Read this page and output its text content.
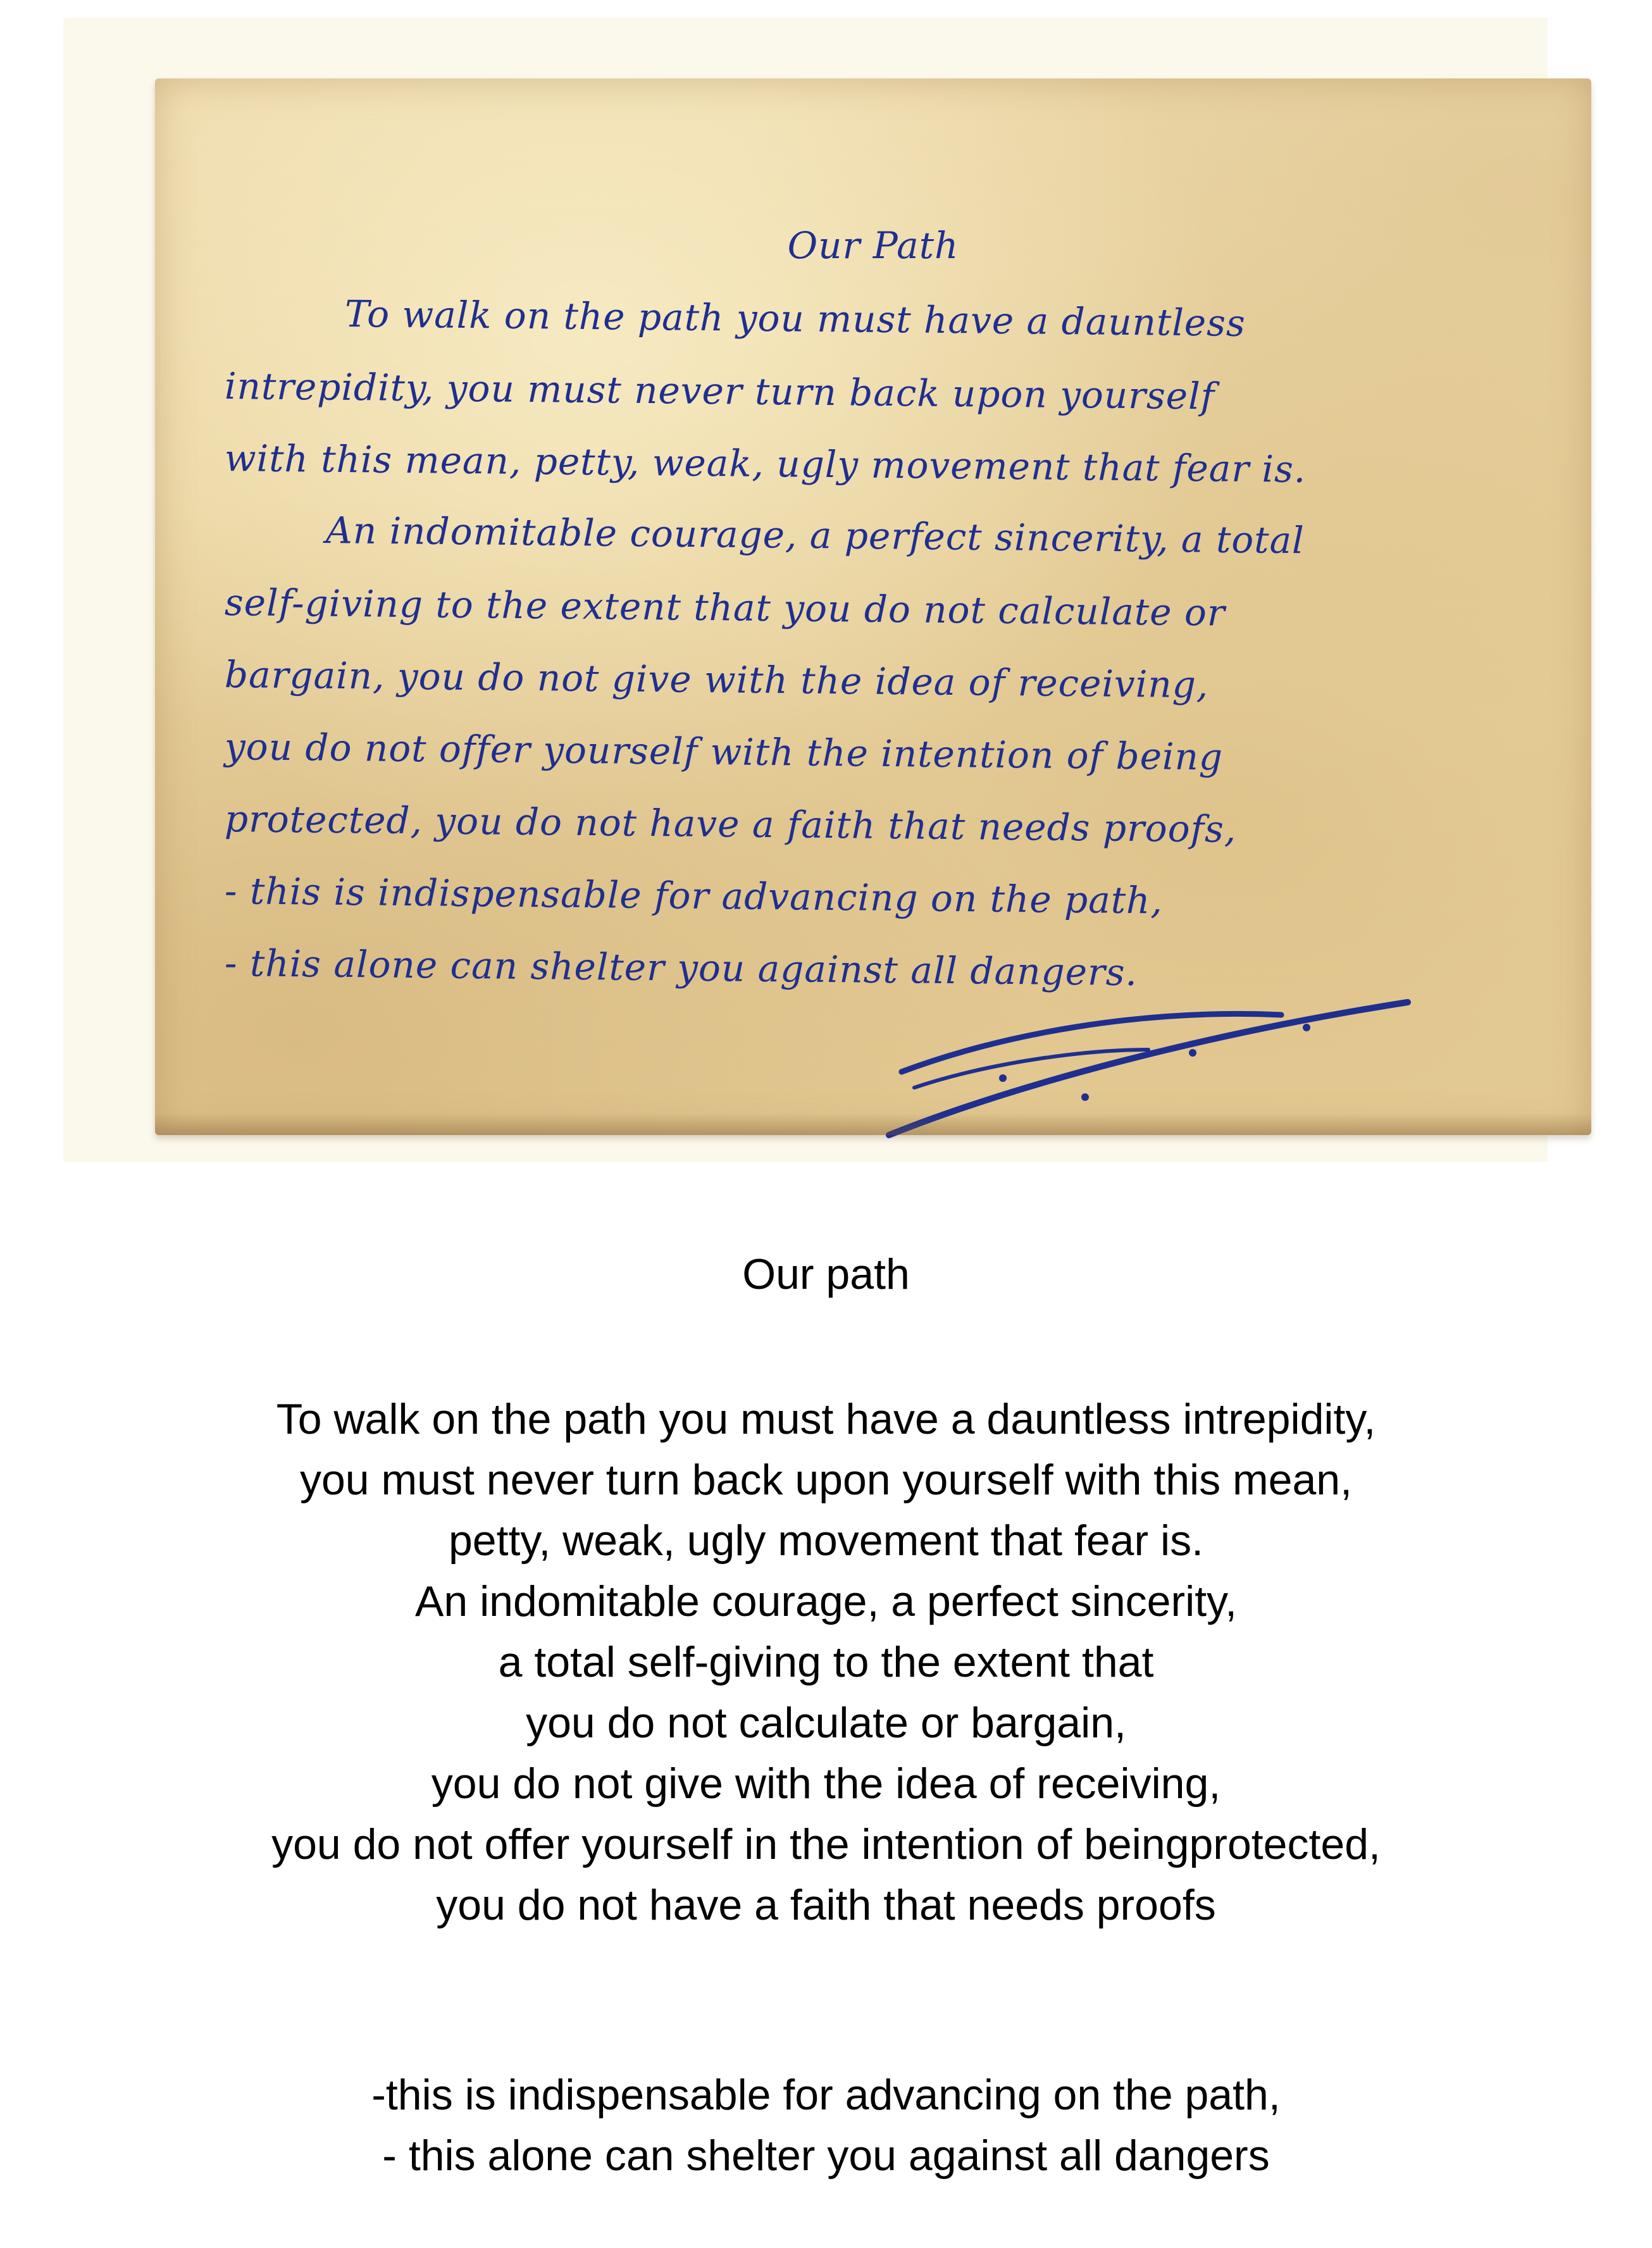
Our Path
To walk on the path you must have a dauntless
intrepidity, you must never turn back upon yourself
with this mean, petty, weak, ugly movement that fear is.
An indomitable courage, a perfect sincerity, a total
self-giving to the extent that you do not calculate or
bargain, you do not give with the idea of receiving,
you do not offer yourself with the intention of being
protected, you do not have a faith that needs proofs,
- this is indispensable for advancing on the path,
- this alone can shelter you against all dangers.
Our path
To walk on the path you must have a dauntless intrepidity,
you must never turn back upon yourself with this mean,
petty, weak, ugly movement that fear is.
An indomitable courage, a perfect sincerity,
a total self-giving to the extent that
you do not calculate or bargain,
you do not give with the idea of receiving,
you do not offer yourself in the intention of beingprotected,
you do not have a faith that needs proofs
-this is indispensable for advancing on the path,
- this alone can shelter you against all dangers
